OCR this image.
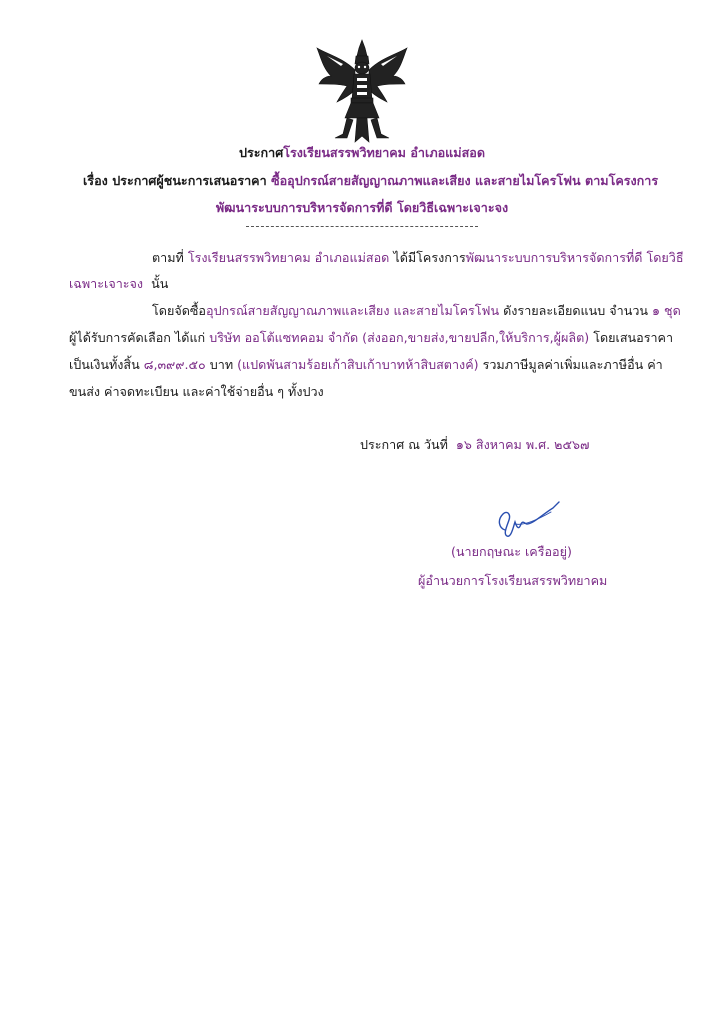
ประกาศโรงเรียนสรรพวิทยาคม อำเภอแม่สอด
เรื่อง ประกาศผู้ชนะการเสนอราคา ซื้ออุปกรณ์สายสัญญาณภาพและเสียง และสายไมโครโฟน ตามโครงการ
พัฒนาระบบการบริหารจัดการที่ดี โดยวิธีเฉพาะเจาะจง
ตามที่ โรงเรียนสรรพวิทยาคม อำเภอแม่สอด ได้มีโครงการพัฒนาระบบการบริหารจัดการที่ดี โดยวิธี
เฉพาะเจาะจง นั้น
โดยจัดซื้ออุปกรณ์สายสัญญาณภาพและเสียง และสายไมโครโฟน ดังรายละเอียดแนบ จำนวน ๑ ชุด
ผู้ได้รับการคัดเลือก ได้แก่ บริษัท ออโต้แซทคอม จำกัด (ส่งออก,ขายส่ง,ขายปลีก,ให้บริการ,ผู้ผลิต) โดยเสนอราคา
เป็นเงินทั้งสิ้น ๘,๓๙๙.๕๐ บาท (แปดพันสามร้อยเก้าสิบเก้าบาทห้าสิบสตางค์) รวมภาษีมูลค่าเพิ่มและภาษีอื่น ค่า
ขนส่ง ค่าจดทะเบียน และค่าใช้จ่ายอื่น ๆ ทั้งปวง
ประกาศ ณ วันที่ ๑๖ สิงหาคม พ.ศ. ๒๕๖๗
(นายกฤษณะ เครืออยู่)
ผู้อำนวยการโรงเรียนสรรพวิทยาคม
